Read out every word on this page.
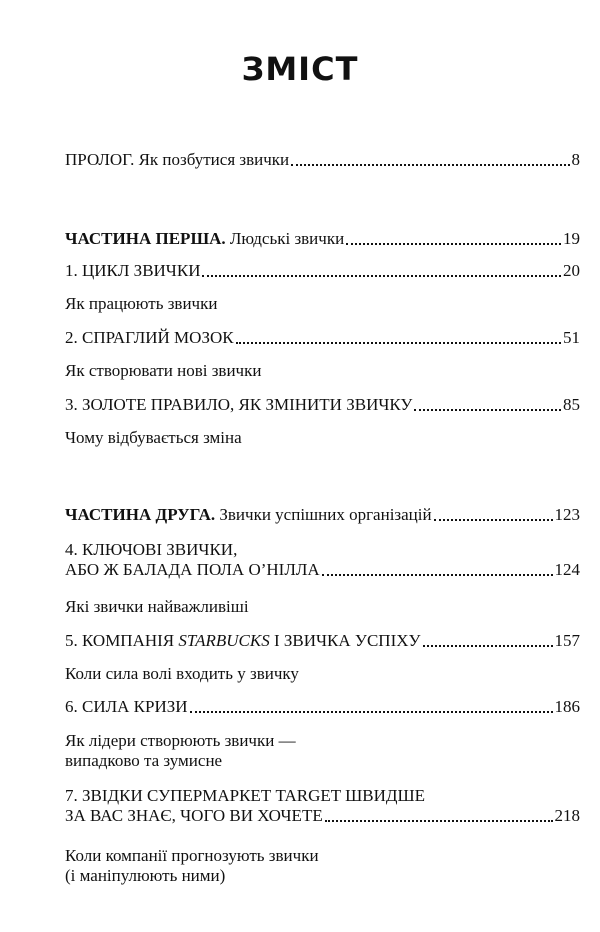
ЗМІСТ
ПРОЛОГ. Як позбутися звички	8
ЧАСТИНА ПЕРША. Людські звички	19
1. ЦИКЛ ЗВИЧКИ	20
Як працюють звички
2. СПРАГЛИЙ МОЗОК	51
Як створювати нові звички
3. ЗОЛОТЕ ПРАВИЛО, ЯК ЗМІНИТИ ЗВИЧКУ	85
Чому відбувається зміна
ЧАСТИНА ДРУГА. Звички успішних організацій	123
4. КЛЮЧОВІ ЗВИЧКИ,
АБО Ж БАЛАДА ПОЛА О’НІЛЛА	124
Які звички найважливіші
5. КОМПАНІЯ STARBUCKS І ЗВИЧКА УСПІХУ	157
Коли сила волі входить у звичку
6. СИЛА КРИЗИ	186
Як лідери створюють звички —
випадково та зумисне
7. ЗВІДКИ СУПЕРМАРКЕТ TARGET ШВИДШЕ
ЗА ВАС ЗНАЄ, ЧОГО ВИ ХОЧЕТЕ	218
Коли компанії прогнозують звички
(і маніпулюють ними)
